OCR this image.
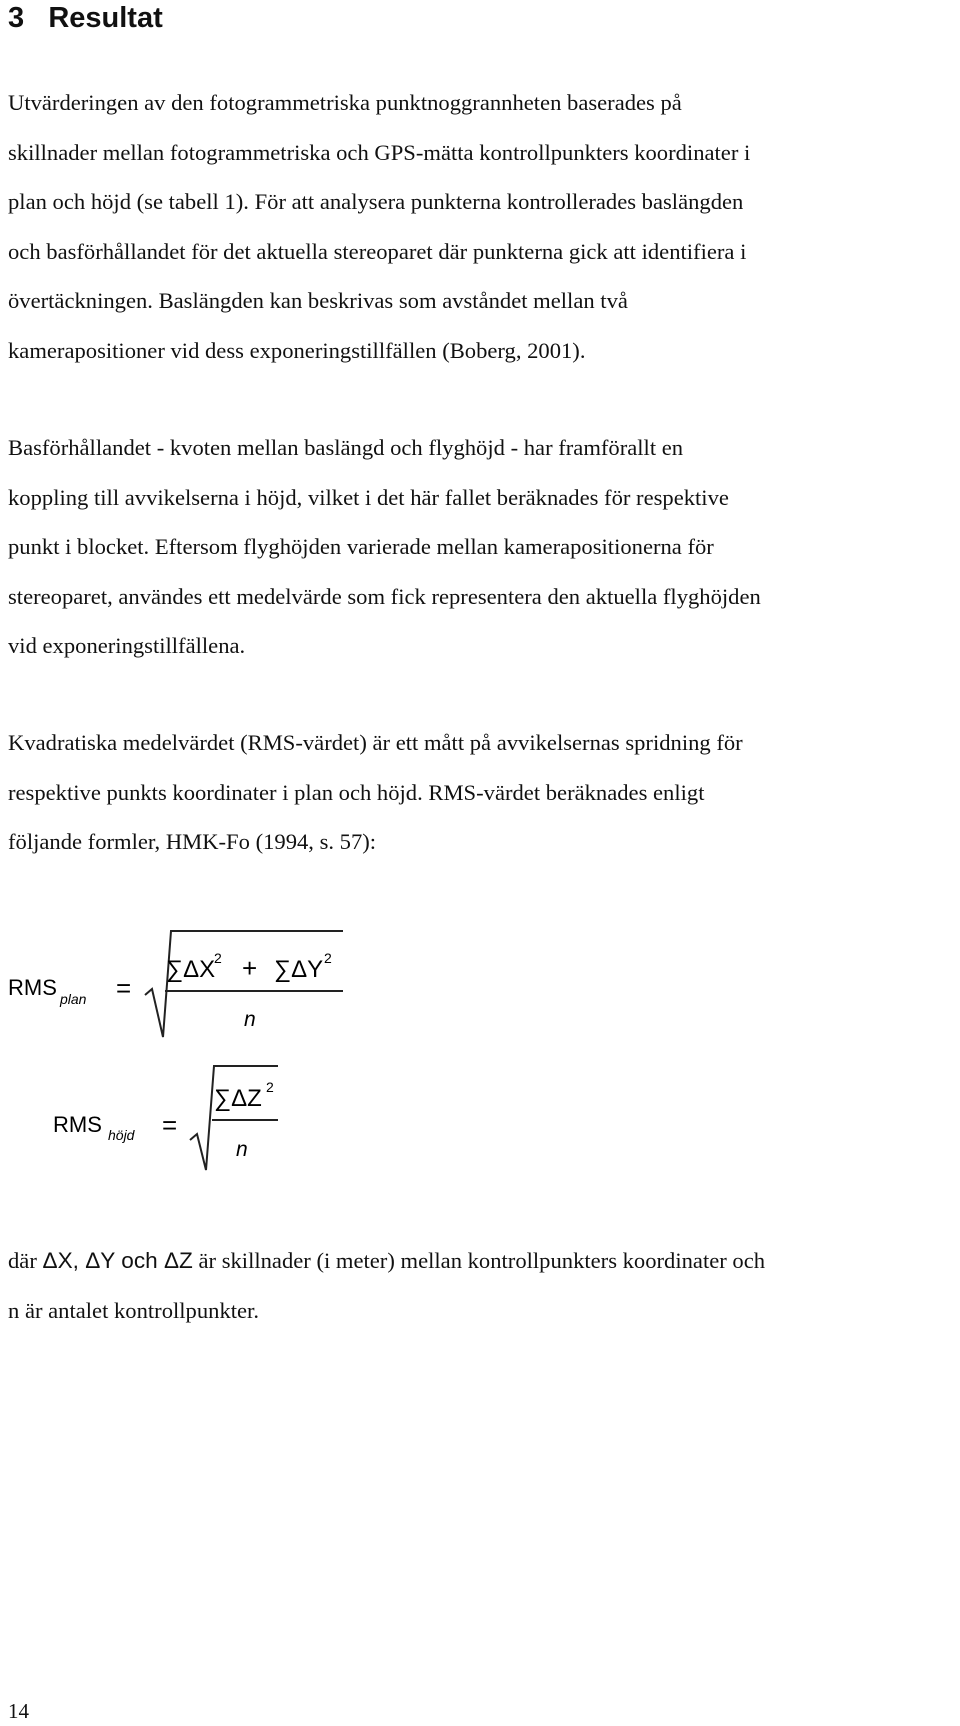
3 Resultat
Utvärderingen av den fotogrammetriska punktnoggrannheten baserades på
skillnader mellan fotogrammetriska och GPS-mätta kontrollpunkters koordinater i
plan och höjd (se tabell 1). För att analysera punkterna kontrollerades baslängden
och basförhållandet för det aktuella stereoparet där punkterna gick att identifiera i
övertäckningen. Baslängden kan beskrivas som avståndet mellan två
kamerapositioner vid dess exponeringstillfällen (Boberg, 2001).
Basförhållandet - kvoten mellan baslängd och flyghöjd - har framförallt en
koppling till avvikelserna i höjd, vilket i det här fallet beräknades för respektive
punkt i blocket. Eftersom flyghöjden varierade mellan kamerapositionerna för
stereoparet, användes ett medelvärde som fick representera den aktuella flyghöjden
vid exponeringstillfällena.
Kvadratiska medelvärdet (RMS-värdet) är ett mått på avvikelsernas spridning för
respektive punkts koordinater i plan och höjd. RMS-värdet beräknades enligt
följande formler, HMK-Fo (1994, s. 57):
RMS plan =
∑ΔX
2 + ∑ΔY 2
n
RMS höjd =
∑ΔZ 2
n
där ΔX, ΔY och ΔZ är skillnader (i meter) mellan kontrollpunkters koordinater och
n är antalet kontrollpunkter.
14
